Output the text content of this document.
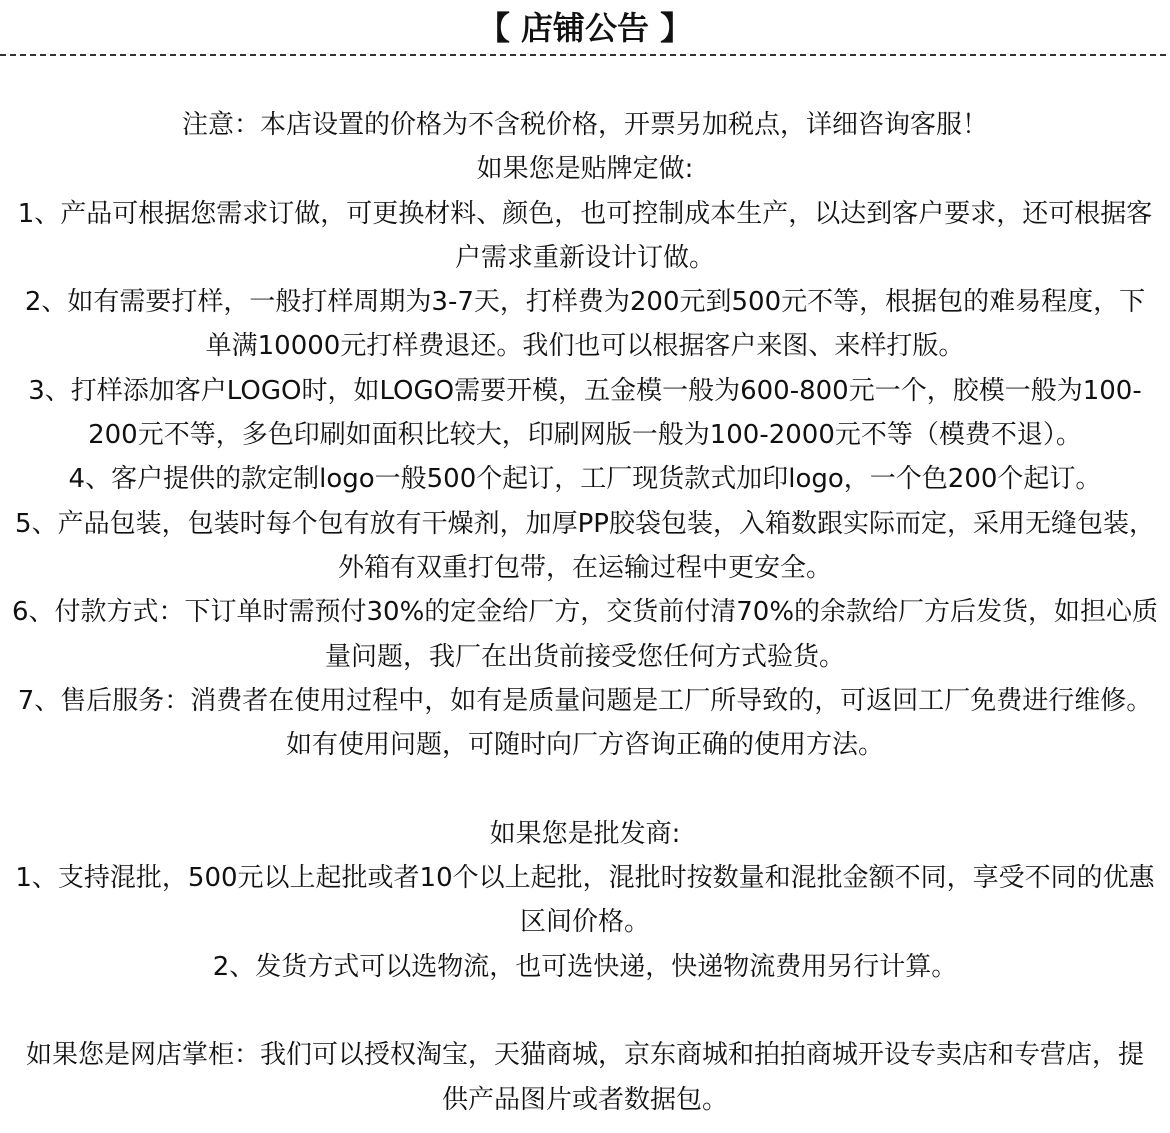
【 店铺公告 】
注意：本店设置的价格为不含税价格，开票另加税点，详细咨询客服！
如果您是贴牌定做:
1、产品可根据您需求订做，可更换材料、颜色，也可控制成本生产，以达到客户要求，还可根据客
户需求重新设计订做。
2、如有需要打样，一般打样周期为3-7天，打样费为200元到500元不等，根据包的难易程度，下
单满10000元打样费退还。我们也可以根据客户来图、来样打版。
3、打样添加客户LOGO时，如LOGO需要开模，五金模一般为600-800元一个，胶模一般为100-
200元不等，多色印刷如面积比较大，印刷网版一般为100-2000元不等（模费不退）。
4、客户提供的款定制logo一般500个起订，工厂现货款式加印logo，一个色200个起订。
5、产品包装，包装时每个包有放有干燥剂，加厚PP胶袋包装，入箱数跟实际而定，采用无缝包装，
外箱有双重打包带，在运输过程中更安全。
6、付款方式：下订单时需预付30%的定金给厂方，交货前付清70%的余款给厂方后发货，如担心质
量问题，我厂在出货前接受您任何方式验货。
7、售后服务：消费者在使用过程中，如有是质量问题是工厂所导致的，可返回工厂免费进行维修。
如有使用问题，可随时向厂方咨询正确的使用方法。
如果您是批发商:
1、支持混批，500元以上起批或者10个以上起批，混批时按数量和混批金额不同，享受不同的优惠
区间价格。
2、发货方式可以选物流，也可选快递，快递物流费用另行计算。
如果您是网店掌柜：我们可以授权淘宝，天猫商城，京东商城和拍拍商城开设专卖店和专营店，提
供产品图片或者数据包。
